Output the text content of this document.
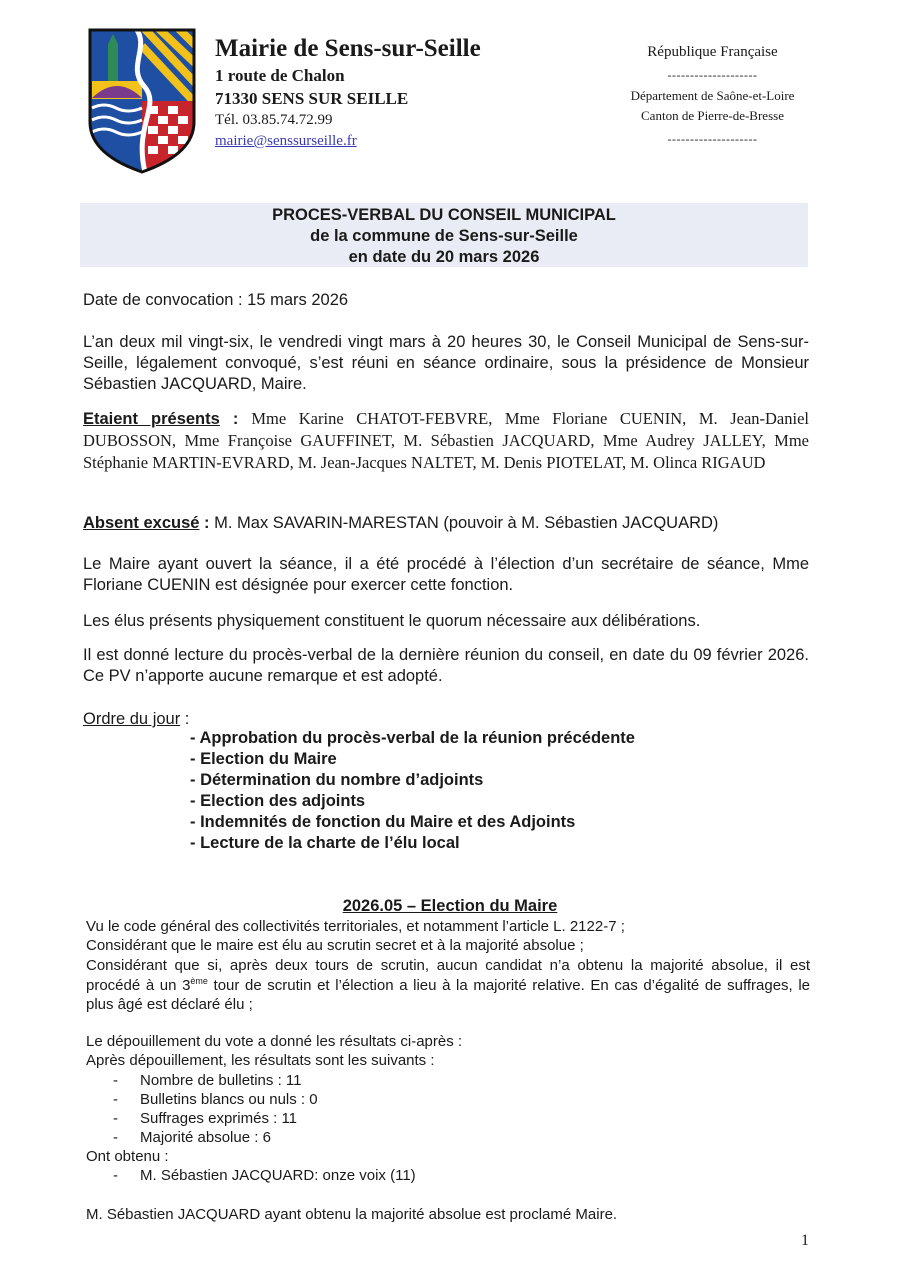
Mairie de Sens-sur-Seille
1 route de Chalon
71330 SENS SUR SEILLE
Tél. 03.85.74.72.99
mairie@senssurseille.fr
République Française
--------------------
Département de Saône-et-Loire
Canton de Pierre-de-Bresse
--------------------
PROCES-VERBAL DU CONSEIL MUNICIPAL
de la commune de Sens-sur-Seille
en date du 20 mars 2026
Date de convocation : 15 mars 2026
L’an deux mil vingt-six, le vendredi vingt mars à 20 heures 30, le Conseil Municipal de Sens-sur-Seille, légalement convoqué, s’est réuni en séance ordinaire, sous la présidence de Monsieur Sébastien JACQUARD, Maire.
Etaient présents : Mme Karine CHATOT-FEBVRE, Mme Floriane CUENIN, M. Jean-Daniel DUBOSSON, Mme Françoise GAUFFINET, M. Sébastien JACQUARD, Mme Audrey JALLEY, Mme Stéphanie MARTIN-EVRARD, M. Jean-Jacques NALTET, M. Denis PIOTELAT, M. Olinca RIGAUD
Absent excusé : M. Max SAVARIN-MARESTAN (pouvoir à M. Sébastien JACQUARD)
Le Maire ayant ouvert la séance, il a été procédé à l’élection d’un secrétaire de séance, Mme Floriane CUENIN est désignée pour exercer cette fonction.
Les élus présents physiquement constituent le quorum nécessaire aux délibérations.
Il est donné lecture du procès-verbal de la dernière réunion du conseil, en date du 09 février 2026. Ce PV n’apporte aucune remarque et est adopté.
Ordre du jour :
- Approbation du procès-verbal de la réunion précédente
- Election du Maire
- Détermination du nombre d’adjoints
- Election des adjoints
- Indemnités de fonction du Maire et des Adjoints
- Lecture de la charte de l’élu local
2026.05 – Election du Maire
Vu le code général des collectivités territoriales, et notamment l’article L. 2122-7 ;
Considérant que le maire est élu au scrutin secret et à la majorité absolue ;
Considérant que si, après deux tours de scrutin, aucun candidat n’a obtenu la majorité absolue, il est procédé à un 3ème tour de scrutin et l’élection a lieu à la majorité relative. En cas d’égalité de suffrages, le plus âgé est déclaré élu ;
Le dépouillement du vote a donné les résultats ci-après :
Après dépouillement, les résultats sont les suivants :
- Nombre de bulletins : 11
- Bulletins blancs ou nuls : 0
- Suffrages exprimés : 11
- Majorité absolue : 6
Ont obtenu :
- M. Sébastien JACQUARD: onze voix (11)
M. Sébastien JACQUARD ayant obtenu la majorité absolue est proclamé Maire.
1
